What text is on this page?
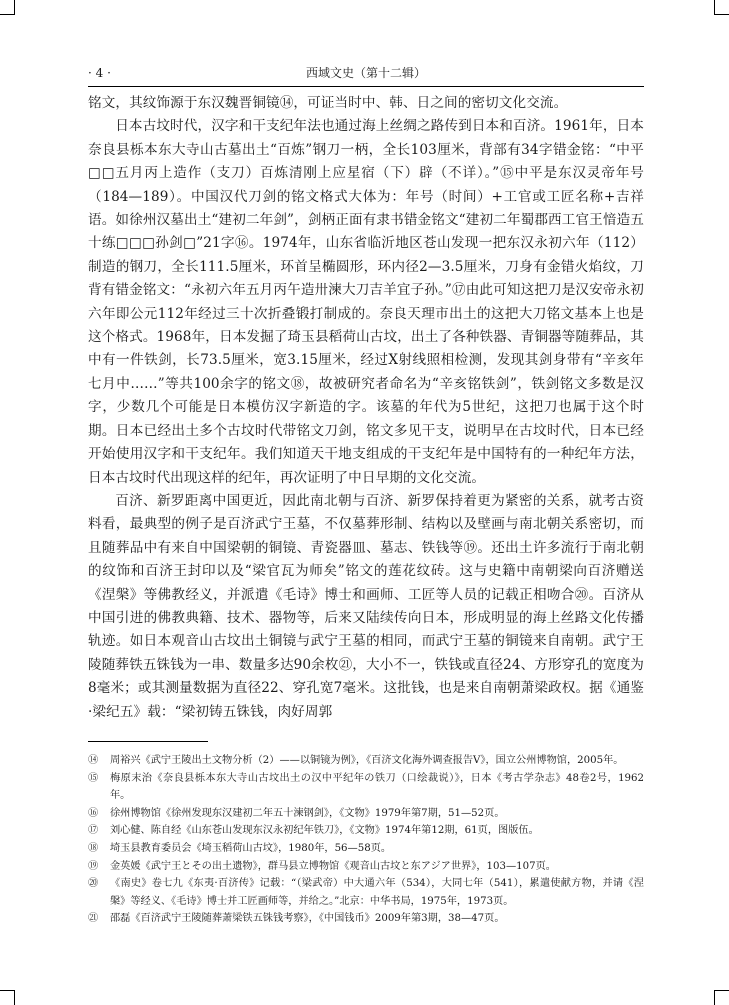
· 4 ·	西域文史（第十二辑）

铭文，其纹饰源于东汉魏晋铜镜⑭，可证当时中、韩、日之间的密切文化交流。

日本古坟时代，汉字和干支纪年法也通过海上丝绸之路传到日本和百济。1961年，日本奈良县栎本东大寺山古墓出土“百炼”钢刀一柄，全长103厘米，背部有34字错金铭：“中平□□五月丙上造作（支刀）百炼清刚上应星宿（下）辟（不详）。”⑮中平是东汉灵帝年号（184—189）。中国汉代刀剑的铭文格式大体为：年号（时间）+工官或工匠名称+吉祥语。如徐州汉墓出土“建初二年剑”，剑柄正面有隶书错金铭文“建初二年蜀郡西工官王愔造五十练□□□孙剑□”21字⑯。1974年，山东省临沂地区苍山发现一把东汉永初六年（112）制造的钢刀，全长111.5厘米，环首呈椭圆形，环内径2—3.5厘米，刀身有金错火焰纹，刀背有错金铭文：“永初六年五月丙午造卅湅大刀吉羊宜子孙。”⑰由此可知这把刀是汉安帝永初六年即公元112年经过三十次折叠锻打制成的。奈良天理市出土的这把大刀铭文基本上也是这个格式。1968年，日本发掘了琦玉县稻荷山古坟，出土了各种铁器、青铜器等随葬品，其中有一件铁剑，长73.5厘米，宽3.15厘米，经过X射线照相检测，发现其剑身带有“辛亥年七月中……”等共100余字的铭文⑱，故被研究者命名为“辛亥铭铁剑”，铁剑铭文多数是汉字，少数几个可能是日本模仿汉字新造的字。该墓的年代为5世纪，这把刀也属于这个时期。日本已经出土多个古坟时代带铭文刀剑，铭文多见干支，说明早在古坟时代，日本已经开始使用汉字和干支纪年。我们知道天干地支组成的干支纪年是中国特有的一种纪年方法，日本古坟时代出现这样的纪年，再次证明了中日早期的文化交流。

百济、新罗距离中国更近，因此南北朝与百济、新罗保持着更为紧密的关系，就考古资料看，最典型的例子是百济武宁王墓，不仅墓葬形制、结构以及壁画与南北朝关系密切，而且随葬品中有来自中国梁朝的铜镜、青瓷器皿、墓志、铁钱等⑲。还出土许多流行于南北朝的纹饰和百济王封印以及“梁官瓦为师矣”铭文的莲花纹砖。这与史籍中南朝梁向百济赠送《涅槃》等佛教经义，并派遣《毛诗》博士和画师、工匠等人员的记载正相吻合⑳。百济从中国引进的佛教典籍、技术、器物等，后来又陆续传向日本，形成明显的海上丝路文化传播轨迹。如日本观音山古坟出土铜镜与武宁王墓的相同，而武宁王墓的铜镜来自南朝。武宁王陵随葬铁五铢钱为一串、数量多达90余枚㉑，大小不一，铁钱或直径24、方形穿孔的宽度为8毫米；或其测量数据为直径22、穿孔宽7毫米。这批钱，也是来自南朝萧梁政权。据《通鉴·梁纪五》载：“梁初铸五铢钱，肉好周郭

⑭ 周裕兴《武宁王陵出土文物分析（2）——以铜镜为例》，《百济文化海外调查报告Ⅴ》，国立公州博物馆，2005年。
⑮ 梅原末治《奈良县栎本东大寺山古坟出土の汉中平纪年の铁刀（口绘裁说）》，日本《考古学杂志》48卷2号，1962年。
⑯ 徐州博物馆《徐州发现东汉建初二年五十湅钢剑》，《文物》1979年第7期，51—52页。
⑰ 刘心健、陈自经《山东苍山发现东汉永初纪年铁刀》，《文物》1974年第12期，61页，图版伍。
⑱ 埼玉县教育委员会《埼玉稻荷山古坟》，1980年，56—58页。
⑲ 金英媛《武宁王とその出土遗物》，群马县立博物馆《观音山古坟と东アジア世界》，103—107页。
⑳ 《南史》卷七九《东夷·百济传》记载：“（梁武帝）中大通六年（534），大同七年（541），累遣使献方物，并请《涅槃》等经义、《毛诗》博士并工匠画师等，并给之。”北京：中华书局，1975年，1973页。
㉑ 邵磊《百济武宁王陵随葬萧梁铁五铢钱考察》，《中国钱币》2009年第3期，38—47页。
